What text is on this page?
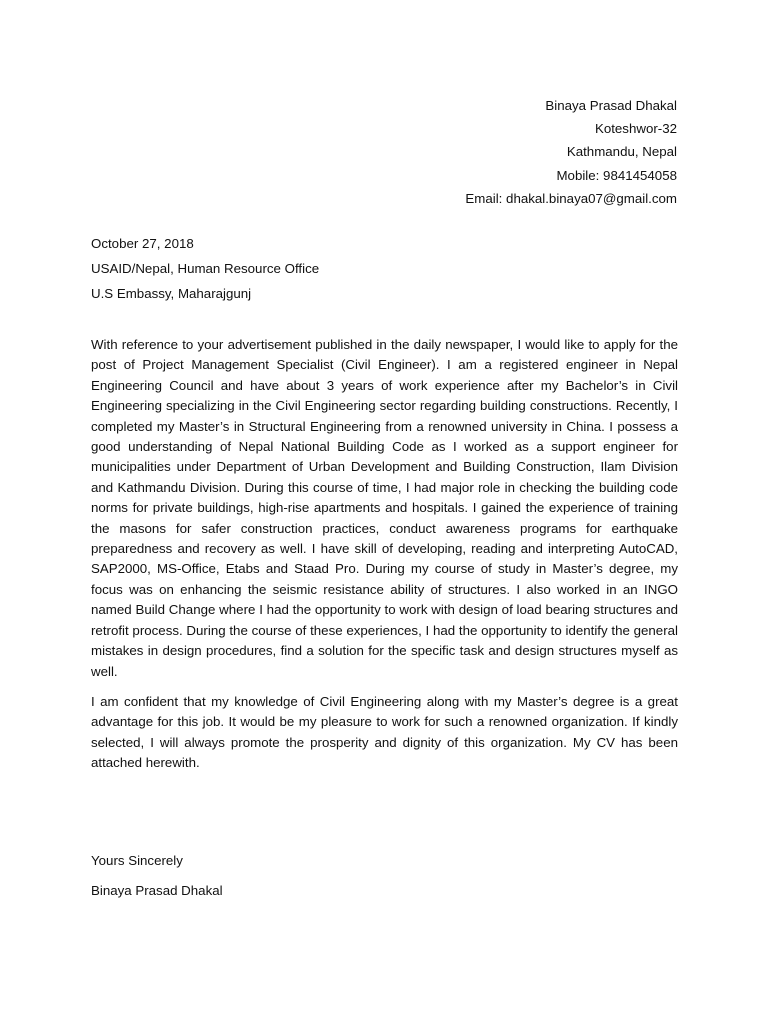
Binaya Prasad Dhakal
Koteshwor-32
Kathmandu, Nepal
Mobile: 9841454058
Email: dhakal.binaya07@gmail.com
October 27, 2018
USAID/Nepal, Human Resource Office
U.S Embassy, Maharajgunj

With reference to your advertisement published in the daily newspaper, I would like to apply for the post of Project Management Specialist (Civil Engineer). I am a registered engineer in Nepal Engineering Council and have about 3 years of work experience after my Bachelor’s in Civil Engineering specializing in the Civil Engineering sector regarding building constructions. Recently, I completed my Master’s in Structural Engineering from a renowned university in China. I possess a good understanding of Nepal National Building Code as I worked as a support engineer for municipalities under Department of Urban Development and Building Construction, Ilam Division and Kathmandu Division. During this course of time, I had major role in checking the building code norms for private buildings, high-rise apartments and hospitals. I gained the experience of training the masons for safer construction practices, conduct awareness programs for earthquake preparedness and recovery as well. I have skill of developing, reading and interpreting AutoCAD, SAP2000, MS-Office, Etabs and Staad Pro. During my course of study in Master’s degree, my focus was on enhancing the seismic resistance ability of structures. I also worked in an INGO named Build Change where I had the opportunity to work with design of load bearing structures and retrofit process. During the course of these experiences, I had the opportunity to identify the general mistakes in design procedures, find a solution for the specific task and design structures myself as well.

I am confident that my knowledge of Civil Engineering along with my Master’s degree is a great advantage for this job. It would be my pleasure to work for such a renowned organization. If kindly selected, I will always promote the prosperity and dignity of this organization. My CV has been attached herewith.

Yours Sincerely
Binaya Prasad Dhakal
